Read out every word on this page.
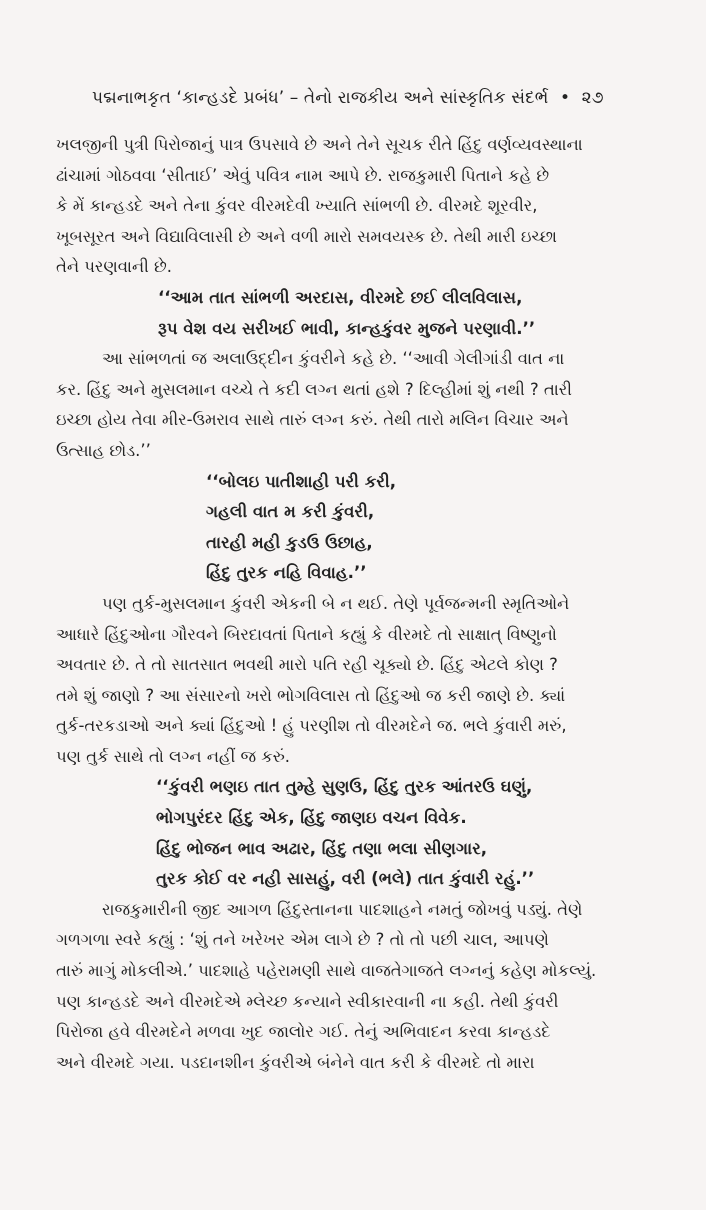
પદ્મનાભકૃત ‘કાન્હડદે પ્રબંધ’ – તેનો રાજકીય અને સાંસ્કૃતિક સંદર્ભ • ૨૭
ખલજીની પુત્રી પિરોજાનું પાત્ર ઉપસાવે છે અને તેને સૂચક રીતે હિંદુ વર્ણવ્યવસ્થાના
ઢાંચામાં ગોઠવવા ‘સીતાઈ’ એવું પવિત્ર નામ આપે છે. રાજકુમારી પિતાને કહે છે
કે મેં કાન્હડદે અને તેના કુંવર વીરમદેવી ખ્યાતિ સાંભળી છે. વીરમદે શૂરવીર,
ખૂબસૂરત અને વિદ્યાવિલાસી છે અને વળી મારો સમવયસ્ક છે. તેથી મારી ઇચ્છા
તેને પરણવાની છે.
‘‘આમ તાત સાંભળી અરદાસ, વીરમદે છઈ લીલવિલાસ,
રૂપ વેશ વય સરીખઈ ભાવી, કાન્હકુંવર મુજને પરણાવી.’’
આ સાંભળતાં જ અલાઉદ્દીન કુંવરીને કહે છે. ‘‘આવી ગેલીગાંડી વાત ના
કર. હિંદુ અને મુસલમાન વચ્ચે તે કદી લગ્ન થતાં હશે ? દિલ્હીમાં શું નથી ? તારી
ઇચ્છા હોય તેવા મીર-ઉમરાવ સાથે તારું લગ્ન કરું. તેથી તારો મલિન વિચાર અને
ઉત્સાહ છોડ.’’
‘‘બોલઇ પાતીશાહી પરી કરી,
ગહલી વાત મ કરી કુંવરી,
તારહી મહી કુડઉ ઉછાહ,
હિંદુ તુરક નહિ વિવાહ.’’
પણ તુર્ક-મુસલમાન કુંવરી એકની બે ન થઈ. તેણે પૂર્વજન્મની સ્મૃતિઓને
આધારે હિંદુઓના ગૌરવને બિરદાવતાં પિતાને કહ્યું કે વીરમદે તો સાક્ષાત્ વિષ્ણુનો
અવતાર છે. તે તો સાતસાત ભવથી મારો પતિ રહી ચૂક્યો છે. હિંદુ એટલે કોણ ?
તમે શું જાણો ? આ સંસારનો ખરો ભોગવિલાસ તો હિંદુઓ જ કરી જાણે છે. ક્યાં
તુર્ક-તરકડાઓ અને ક્યાં હિંદુઓ ! હું પરણીશ તો વીરમદેને જ. ભલે કુંવારી મરું,
પણ તુર્ક સાથે તો લગ્ન નહીં જ કરું.
‘‘કુંવરી ભણઇ તાત તુમ્હે સુણઉ, હિંદુ તુરક આંતરઉ ઘણું,
ભોગપુરંદર હિંદુ એક, હિંદુ જાણઇ વચન વિવેક.
હિંદુ ભોજન ભાવ અઢાર, હિંદુ તણા ભલા સીણગાર,
તુરક કોઈ વર નહી સાસહું, વરી (ભલે) તાત કુંવારી રહું.’’
રાજકુમારીની જીદ આગળ હિંદુસ્તાનના પાદશાહને નમતું જોખવું પડ્યું. તેણે
ગળગળા સ્વરે કહ્યું : ‘શું તને ખરેખર એમ લાગે છે ? તો તો પછી ચાલ, આપણે
તારું માગું મોકલીએ.’ પાદશાહે પહેરામણી સાથે વાજતેગાજતે લગ્નનું કહેણ મોકલ્યું.
પણ કાન્હડદે અને વીરમદેએ મ્લેચ્છ કન્યાને સ્વીકારવાની ના કહી. તેથી કુંવરી
પિરોજા હવે વીરમદેને મળવા ખુદ જાલોર ગઈ. તેનું અભિવાદન કરવા કાન્હડદે
અને વીરમદે ગયા. પડદાનશીન કુંવરીએ બંનેને વાત કરી કે વીરમદે તો મારા
